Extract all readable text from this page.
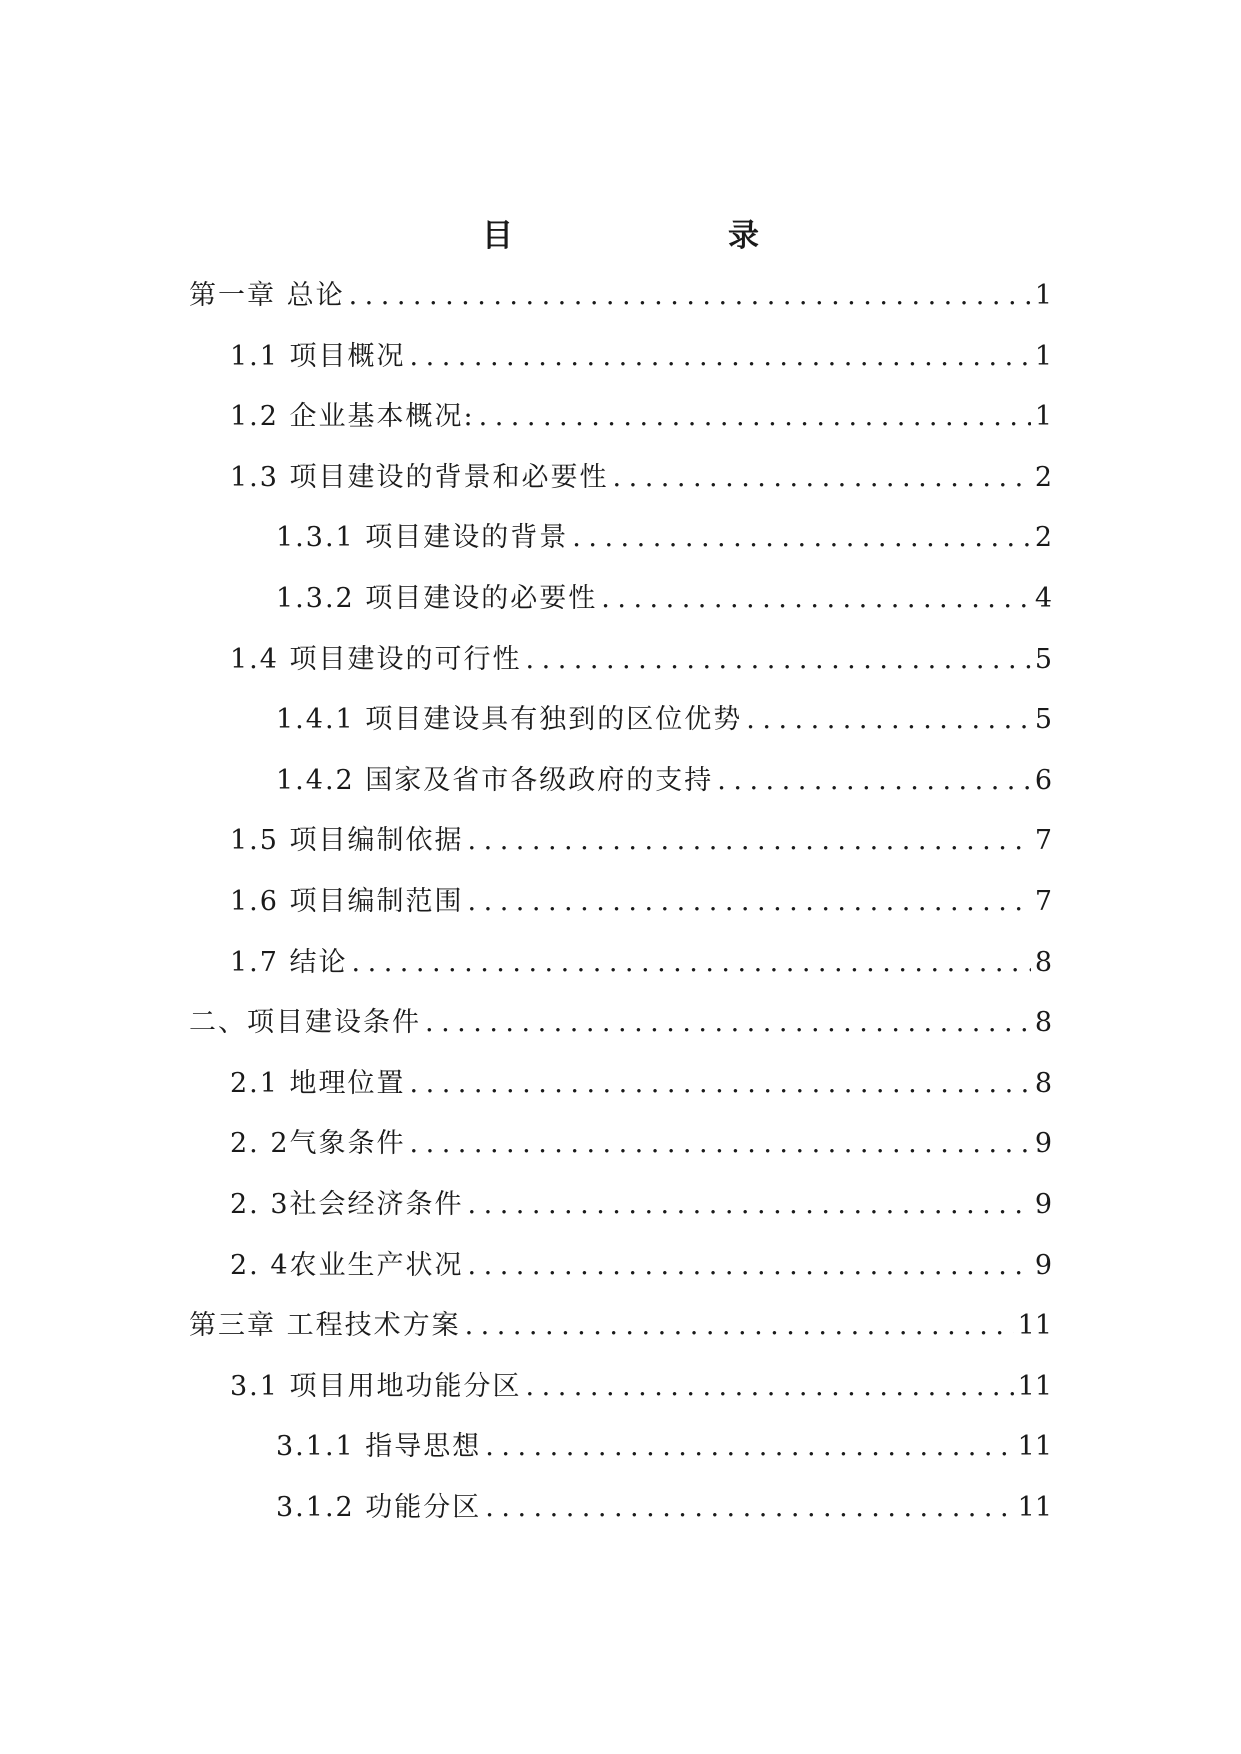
目　录
第一章 总论 .....	1
1.1 项目概况 .....	1
1.2 企业基本概况: .....	1
1.3 项目建设的背景和必要性 .....	2
1.3.1 项目建设的背景 .....	2
1.3.2 项目建设的必要性 .....	4
1.4 项目建设的可行性 .....	5
1.4.1 项目建设具有独到的区位优势 .....	5
1.4.2 国家及省市各级政府的支持 .....	6
1.5 项目编制依据 .....	7
1.6 项目编制范围 .....	7
1.7 结论 .....	8
二、项目建设条件 .....	8
2.1 地理位置 .....	8
2. 2气象条件 .....	9
2. 3社会经济条件 .....	9
2. 4农业生产状况 .....	9
第三章 工程技术方案 .....	11
3.1 项目用地功能分区 .....	11
3.1.1 指导思想 .....	11
3.1.2 功能分区 .....	11
